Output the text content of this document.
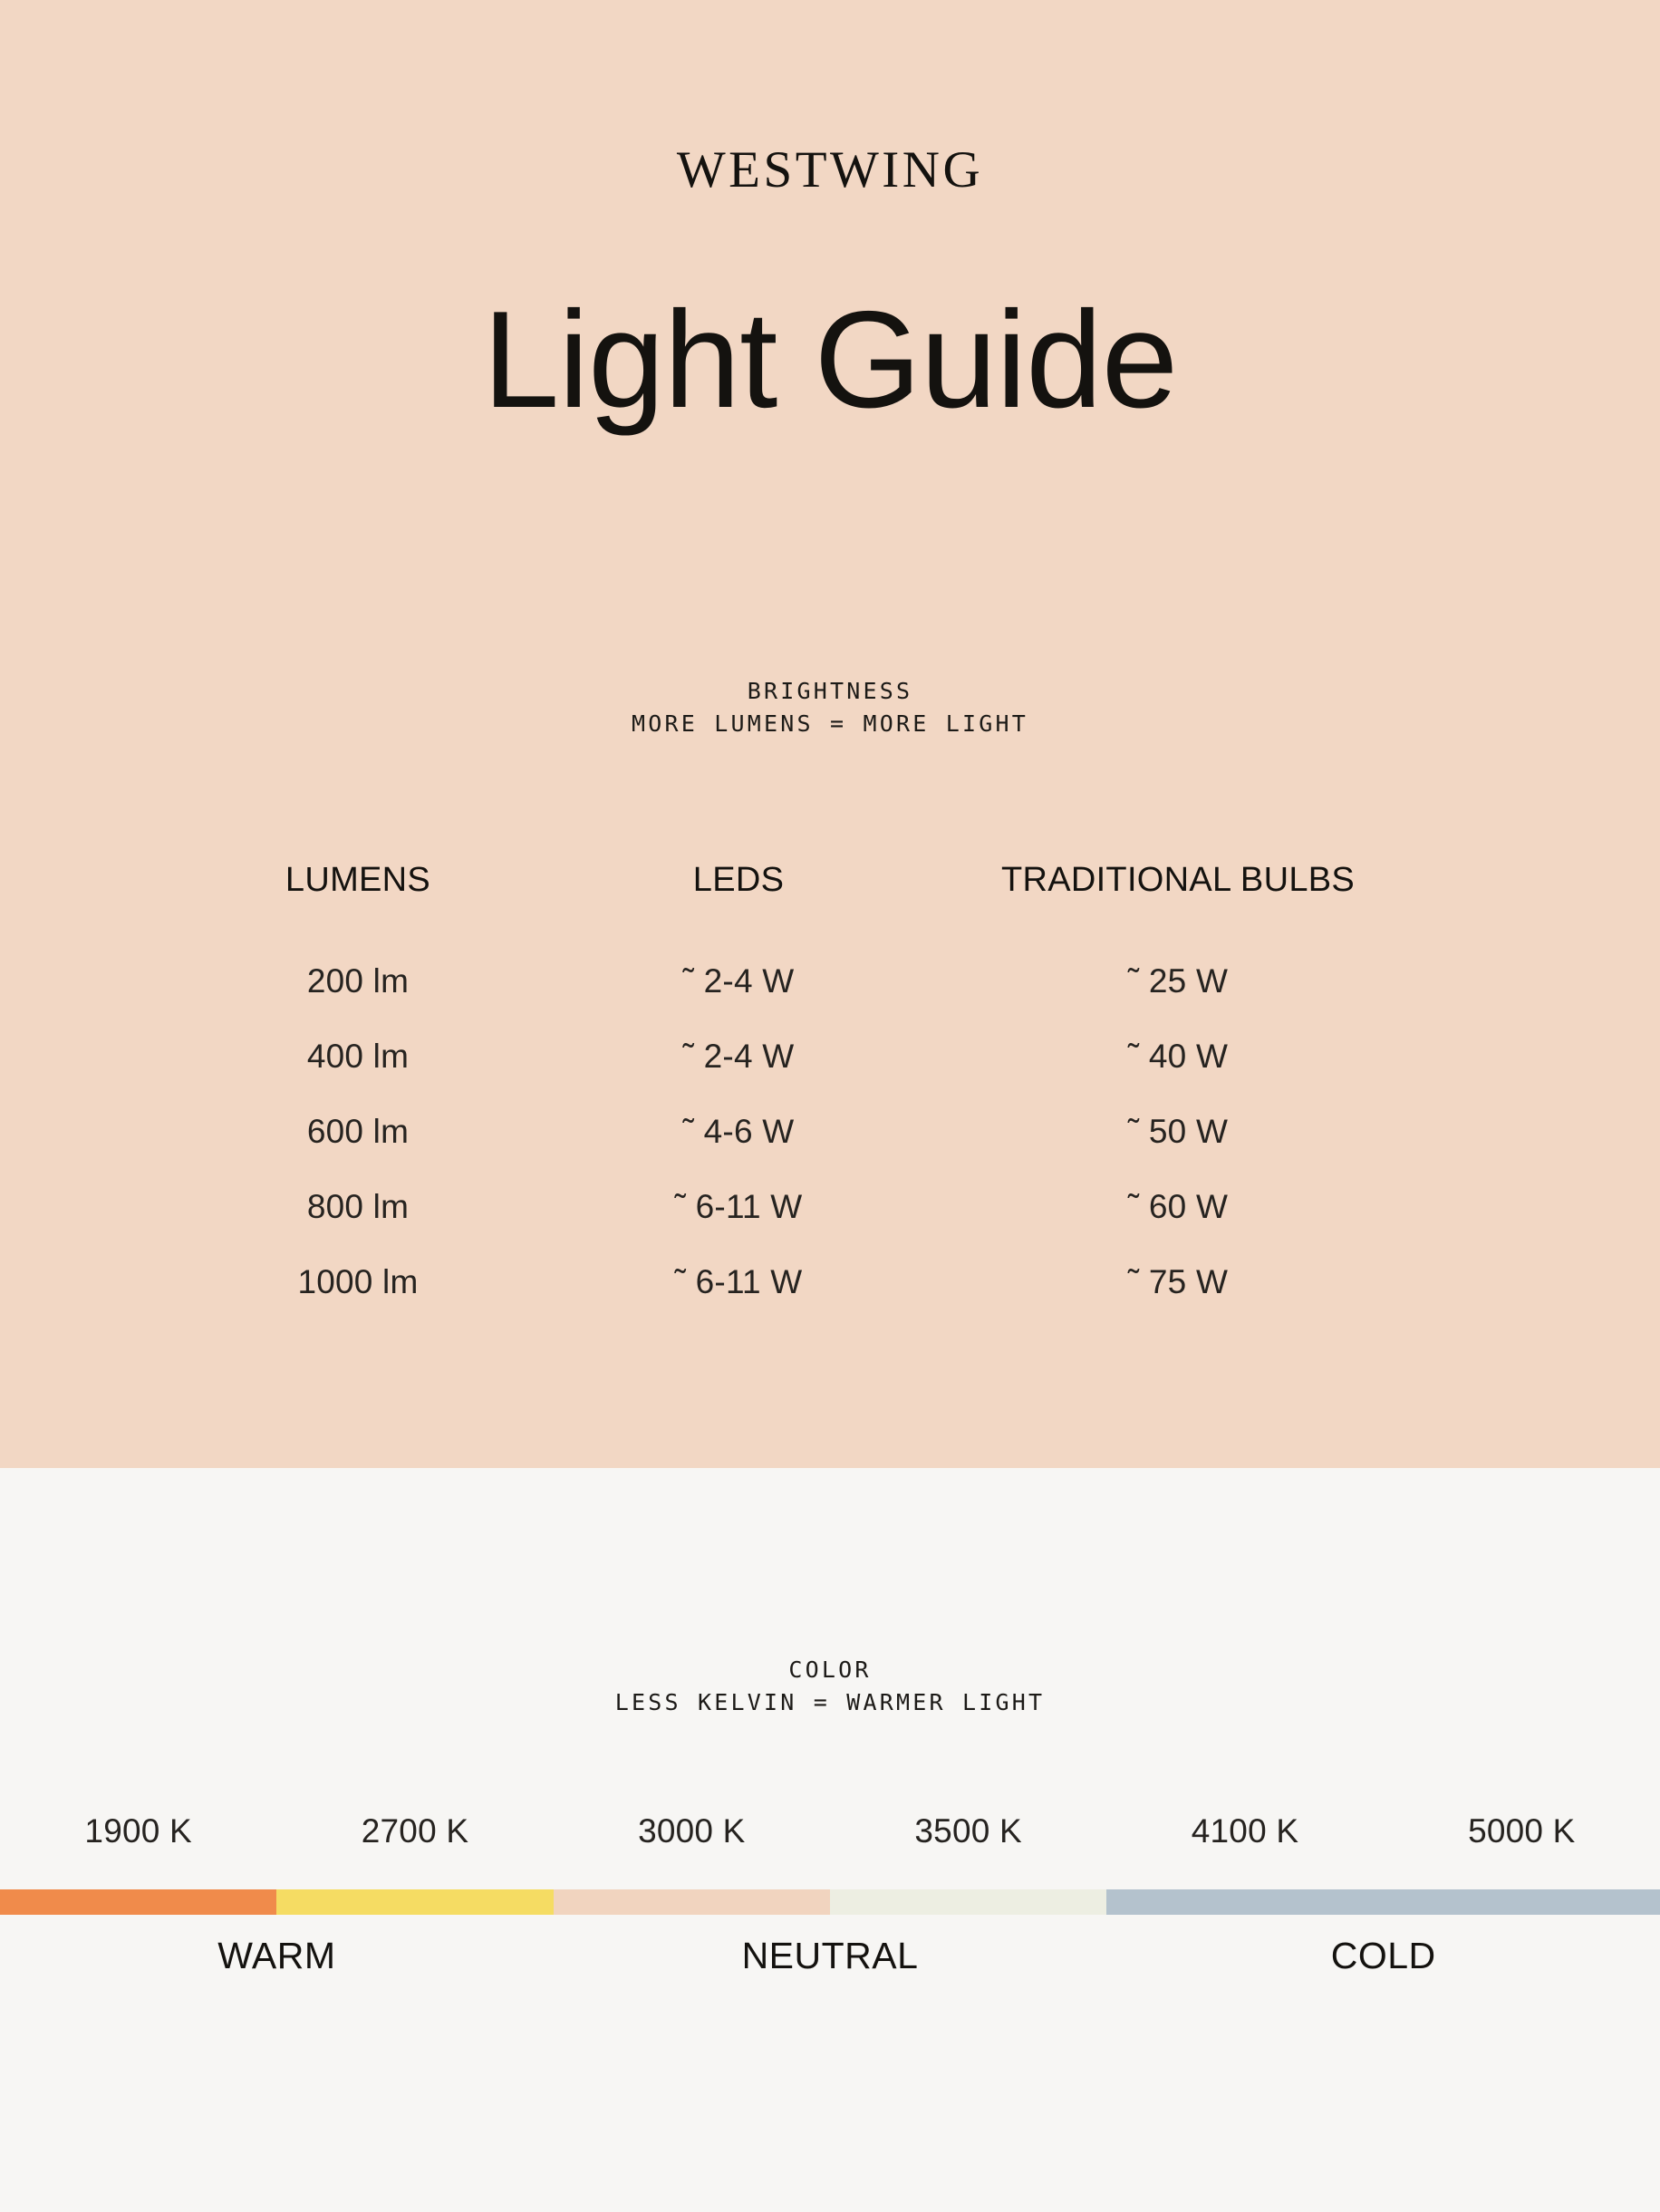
WESTWING
Light Guide
BRIGHTNESS
MORE LUMENS = MORE LIGHT
LUMENS	LEDS	TRADITIONAL BULBS
200 lm	˜ 2-4 W	˜ 25 W
400 lm	˜ 2-4 W	˜ 40 W
600 lm	˜ 4-6 W	˜ 50 W
800 lm	˜ 6-11 W	˜ 60 W
1000 lm	˜ 6-11 W	˜ 75 W
COLOR
LESS KELVIN = WARMER LIGHT
1900 K	2700 K	3000 K	3500 K	4100 K	5000 K
WARM	NEUTRAL	COLD
